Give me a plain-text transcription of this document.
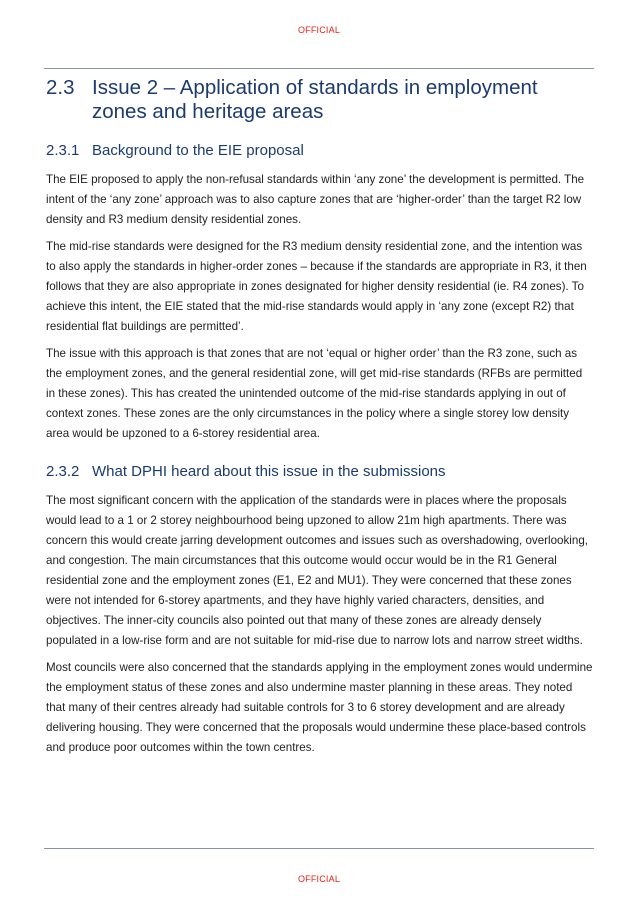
OFFICIAL
2.3 Issue 2 – Application of standards in employment zones and heritage areas
2.3.1 Background to the EIE proposal

The EIE proposed to apply the non-refusal standards within ‘any zone’ the development is permitted. The intent of the ‘any zone’ approach was to also capture zones that are ‘higher-order’ than the target R2 low density and R3 medium density residential zones.

The mid-rise standards were designed for the R3 medium density residential zone, and the intention was to also apply the standards in higher-order zones – because if the standards are appropriate in R3, it then follows that they are also appropriate in zones designated for higher density residential (ie. R4 zones). To achieve this intent, the EIE stated that the mid-rise standards would apply in ‘any zone (except R2) that residential flat buildings are permitted’.

The issue with this approach is that zones that are not ‘equal or higher order’ than the R3 zone, such as the employment zones, and the general residential zone, will get mid-rise standards (RFBs are permitted in these zones). This has created the unintended outcome of the mid-rise standards applying in out of context zones. These zones are the only circumstances in the policy where a single storey low density area would be upzoned to a 6-storey residential area.

2.3.2 What DPHI heard about this issue in the submissions

The most significant concern with the application of the standards were in places where the proposals would lead to a 1 or 2 storey neighbourhood being upzoned to allow 21m high apartments. There was concern this would create jarring development outcomes and issues such as overshadowing, overlooking, and congestion. The main circumstances that this outcome would occur would be in the R1 General residential zone and the employment zones (E1, E2 and MU1). They were concerned that these zones were not intended for 6-storey apartments, and they have highly varied characters, densities, and objectives. The inner-city councils also pointed out that many of these zones are already densely populated in a low-rise form and are not suitable for mid-rise due to narrow lots and narrow street widths.

Most councils were also concerned that the standards applying in the employment zones would undermine the employment status of these zones and also undermine master planning in these areas. They noted that many of their centres already had suitable controls for 3 to 6 storey development and are already delivering housing. They were concerned that the proposals would undermine these place-based controls and produce poor outcomes within the town centres.

OFFICIAL
